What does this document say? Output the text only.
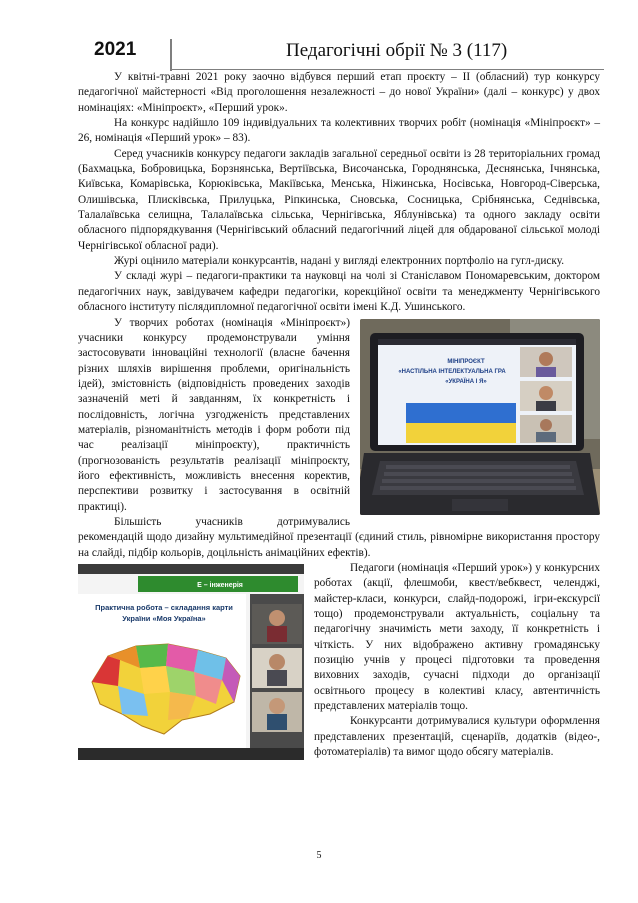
2021	Педагогічні обрії № 3 (117)

У квітні-травні 2021 року заочно відбувся перший етап проєкту – ІІ (обласний) тур конкурсу педагогічної майстерності «Від проголошення незалежності – до нової України» (далі – конкурс) у двох номінаціях: «Мініпроєкт», «Перший урок».

На конкурс надійшло 109 індивідуальних та колективних творчих робіт (номінація «Мініпроєкт» – 26, номінація «Перший урок» – 83).

Серед учасників конкурсу педагоги закладів загальної середньої освіти із 28 територіальних громад (Бахмацька, Бобровицька, Борзнянська, Вертіївська, Височанська, Городнянська, Деснянська, Ічнянська, Київська, Комарівська, Корюківська, Макіївська, Менська, Ніжинська, Носівська, Новгород-Сіверська, Олишівська, Плисківська, Прилуцька, Ріпкинська, Сновська, Сосницька, Срібнянська, Седнівська, Талалаївська селищна, Талалаївська сільська, Чернігівська, Яблунівська) та одного закладу освіти обласного підпорядкування (Чернігівський обласний педагогічний ліцей для обдарованої сільської молоді Чернігівської обласної ради).

Журі оцінило матеріали конкурсантів, надані у вигляді електронних портфоліо на гугл-диску.

У складі журі – педагоги-практики та науковці на чолі зі Станіславом Пономаревським, доктором педагогічних наук, завідувачем кафедри педагогіки, корекційної освіти та менеджменту Чернігівського обласного інституту післядипломної педагогічної освіти імені К.Д. Ушинського.

МІНІПРОЄКТ
«НАСТІЛЬНА ІНТЕЛЕКТУАЛЬНА ГРА
«УКРАЇНА І Я»

У творчих роботах (номінація «Мініпроєкт») учасники конкурсу продемонстрували уміння застосовувати інноваційні технології (власне бачення різних шляхів вирішення проблеми, оригінальність ідей), змістовність (відповідність проведених заходів зазначеній меті й завданням, їх конкретність і послідовність, логічна узгодженість представлених матеріалів, різноманітність методів і форм роботи під час реалізації мініпроєкту), практичність (прогнозованість результатів реалізації мініпроєкту, його ефективність, можливість внесення коректив, перспективи розвитку і застосування в освітній практиці).

Більшість учасників дотримувались рекомендацій щодо дизайну мультимедійної презентації (єдиний стиль, рівномірне використання простору на слайді, підбір кольорів, доцільність анімаційних ефектів).

Е – інженерія
Практична робота – складання карти
України «Моя Україна»

Педагоги (номінація «Перший урок») у конкурсних роботах (акції, флешмоби, квест/вебквест, челенджі, майстер-класи, конкурси, слайд-подорожі, ігри-екскурсії тощо) продемонстрували актуальність, соціальну та педагогічну значимість мети заходу, її конкретність і чіткість. У них відображено активну громадянську позицію учнів у процесі підготовки та проведення виховних заходів, сучасні підходи до організації освітнього процесу в колективі класу, автентичність представлених матеріалів тощо.

Конкурсанти дотримувалися культури оформлення представлених презентацій, сценаріїв, додатків (відео-, фотоматеріалів) та вимог щодо обсягу матеріалів.

5
